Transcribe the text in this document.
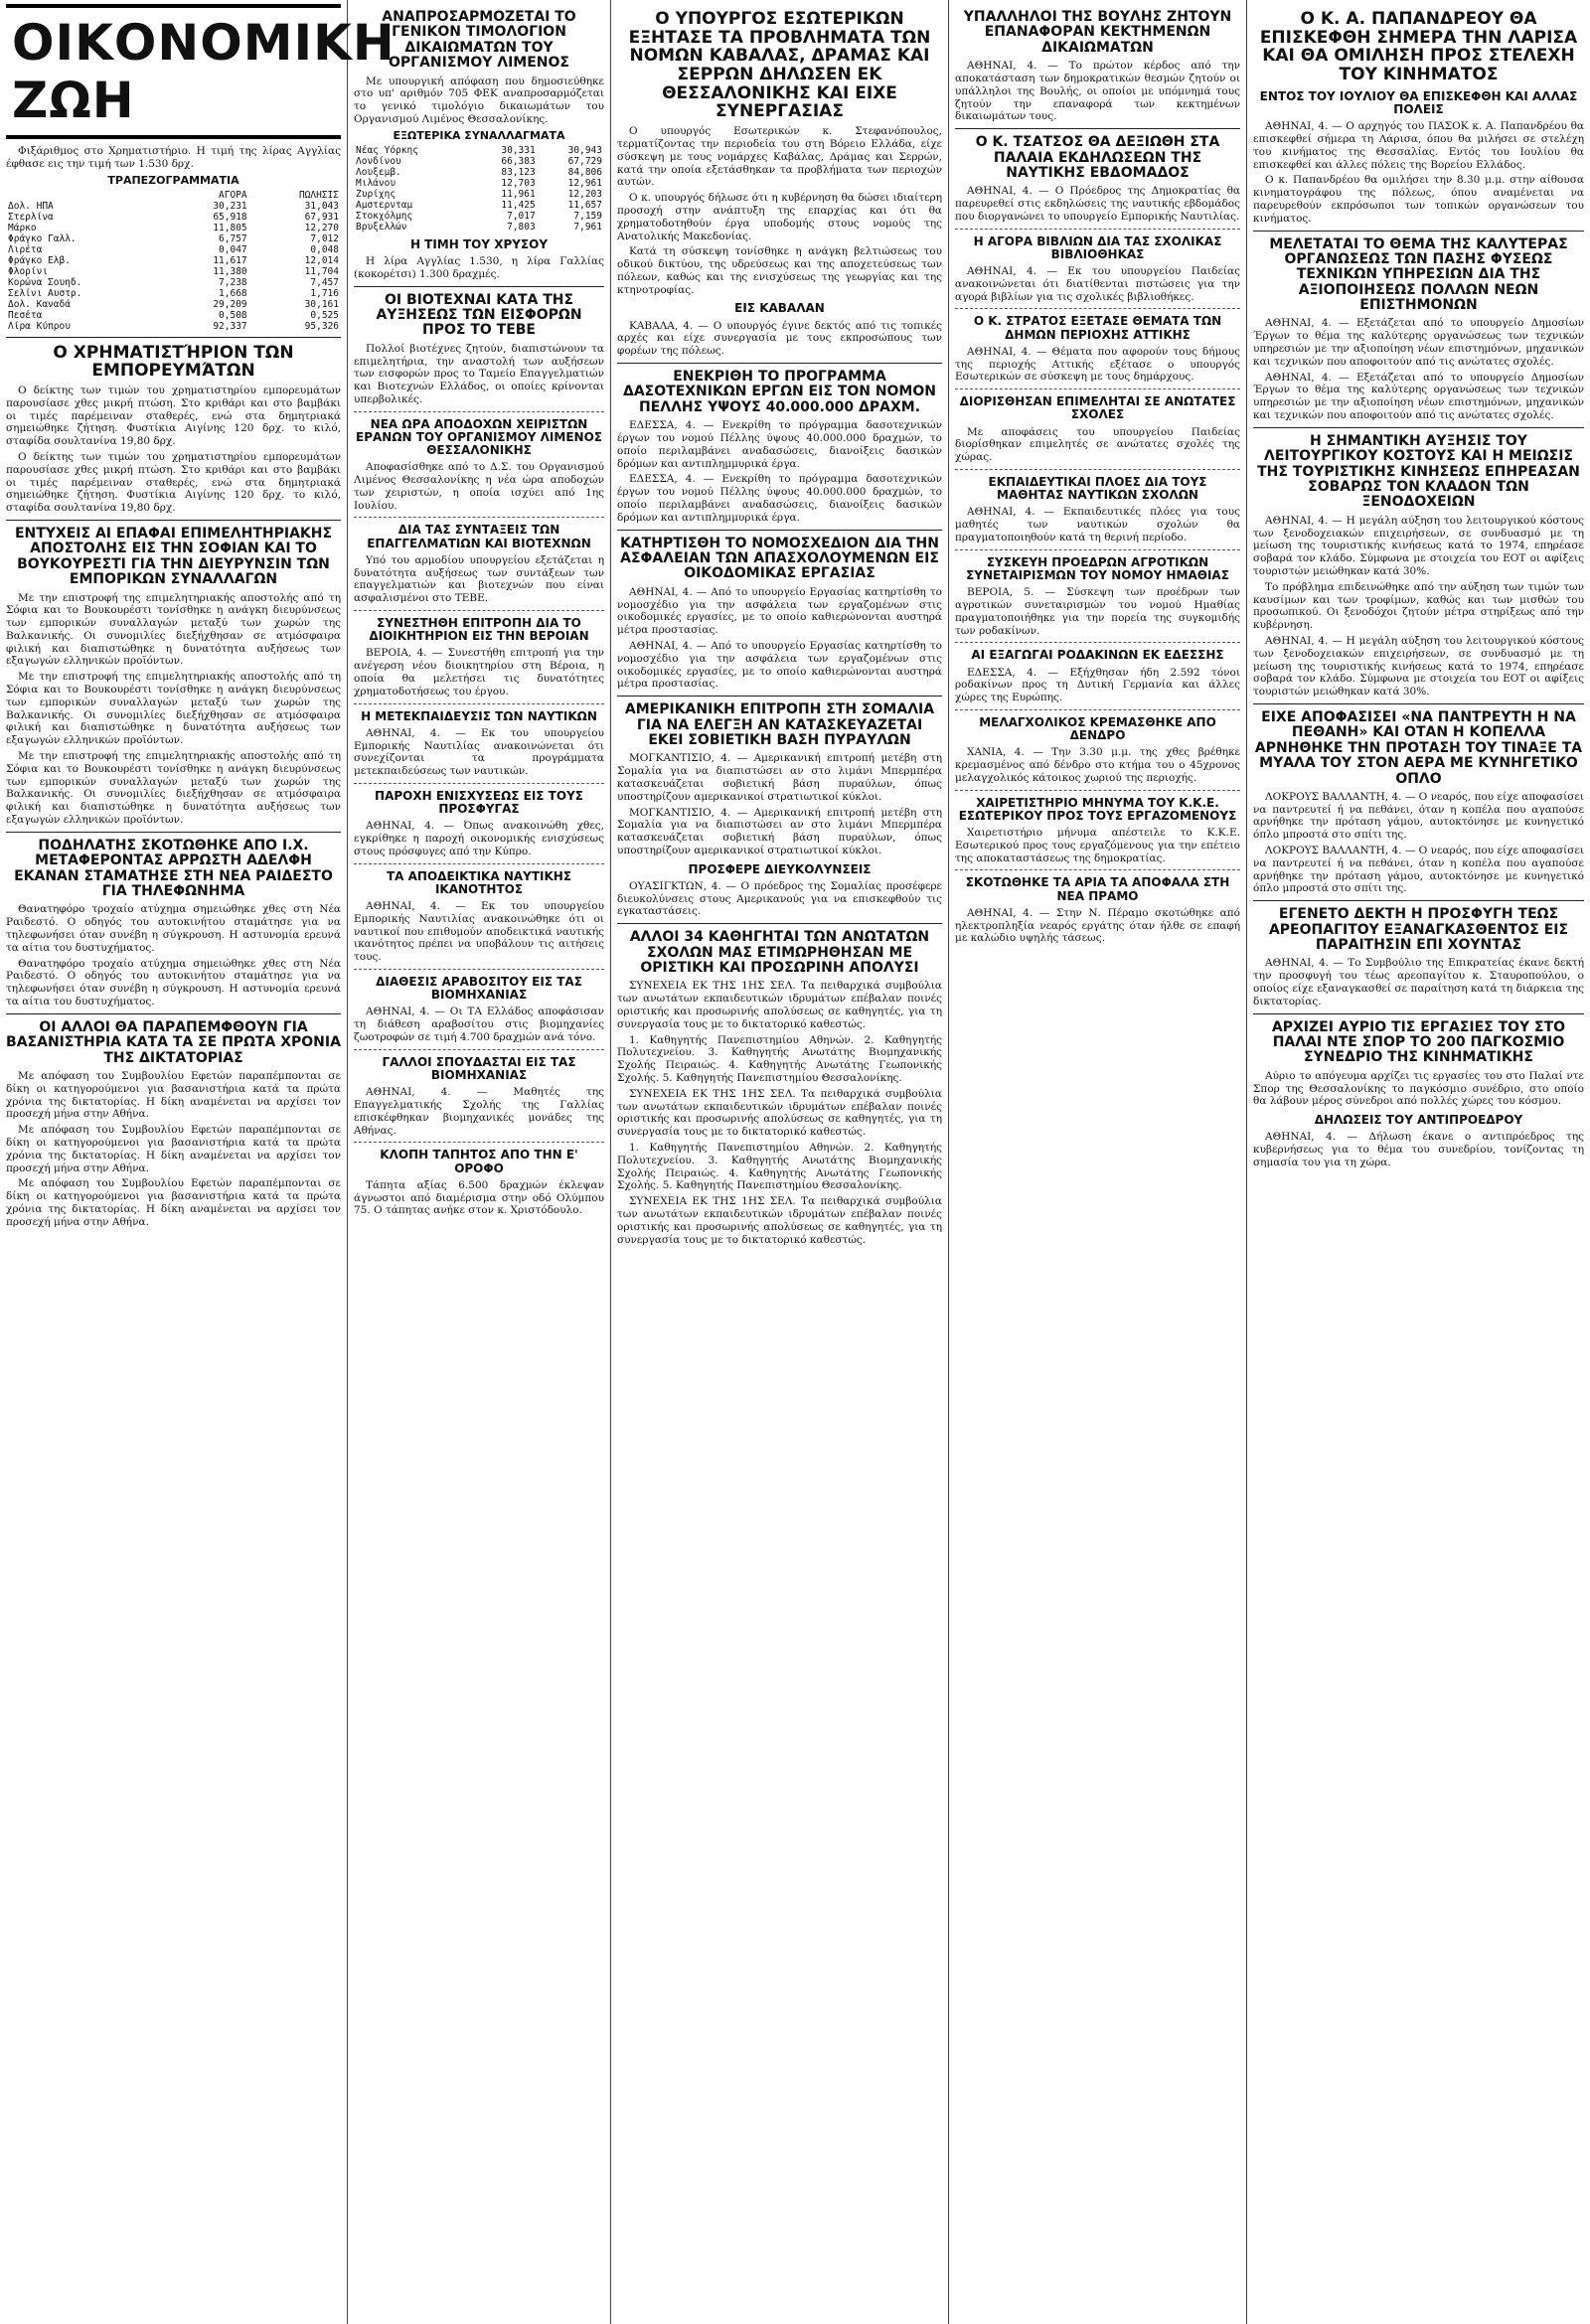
ΟΙΚΟΝΟΜΙΚΗ ΖΩΗ

Φιξάριθμος στο Χρηματιστήριο. Η τιμή της λίρας Αγγλίας έφθασε εις την τιμή των 1.530 δρχ.

ΤΡΑΠΕΖΟΓΡΑΜΜΑΤΙΑ
	ΑΓΟΡΑ	ΠΩΛΗΣΙΣ
Δολ. ΗΠΑ	30,231	31,043
Στερλίνα	65,918	67,931
Μάρκο	11,805	12,270
Φράγκο Γαλλ.	6,757	7,012
Λιρέτα	0,047	0,048
Φράγκο Ελβ.	11,617	12,014
Φλορίνι	11,380	11,704
Κορώνα Σουηδ.	7,238	7,457
Σελίνι Αυστρ.	1,668	1,716
Δολ. Καναδά	29,209	30,161
Πεσέτα	0,508	0,525
Λίρα Κύπρου	92,337	95,326
Ο ΧΡΗΜΑΤΙΣΤΉΡΙΟΝ ΤΩΝ ΕΜΠΟΡΕΥΜΆΤΩΝ

Ο δείκτης των τιμών του χρηματιστηρίου εμπορευμάτων παρουσίασε χθες μικρή πτώση. Στο κριθάρι και στο βαμβάκι οι τιμές παρέμειναν σταθερές, ενώ στα δημητριακά σημειώθηκε ζήτηση. Φυστίκια Αιγίνης 120 δρχ. το κιλό, σταφίδα σουλτανίνα 19,80 δρχ.

Ο δείκτης των τιμών του χρηματιστηρίου εμπορευμάτων παρουσίασε χθες μικρή πτώση. Στο κριθάρι και στο βαμβάκι οι τιμές παρέμειναν σταθερές, ενώ στα δημητριακά σημειώθηκε ζήτηση. Φυστίκια Αιγίνης 120 δρχ. το κιλό, σταφίδα σουλτανίνα 19,80 δρχ.

ΕΝΤΥΧΕΙΣ ΑΙ ΕΠΑΦΑΙ ΕΠΙΜΕΛΗΤΗΡΙΑΚΗΣ ΑΠΟΣΤΟΛΗΣ ΕΙΣ ΤΗΝ ΣΟΦΙΑΝ ΚΑΙ ΤΟ ΒΟΥΚΟΥΡΕΣΤΙ ΓΙΑ ΤΗΝ ΔΙΕΥΡΥΝΣΙΝ ΤΩΝ ΕΜΠΟΡΙΚΩΝ ΣΥΝΑΛΛΑΓΩΝ

Με την επιστροφή της επιμελητηριακής αποστολής από τη Σόφια και το Βουκουρέστι τονίσθηκε η ανάγκη διευρύνσεως των εμπορικών συναλλαγών μεταξύ των χωρών της Βαλκανικής. Οι συνομιλίες διεξήχθησαν σε ατμόσφαιρα φιλική και διαπιστώθηκε η δυνατότητα αυξήσεως των εξαγωγών ελληνικών προϊόντων.

Με την επιστροφή της επιμελητηριακής αποστολής από τη Σόφια και το Βουκουρέστι τονίσθηκε η ανάγκη διευρύνσεως των εμπορικών συναλλαγών μεταξύ των χωρών της Βαλκανικής. Οι συνομιλίες διεξήχθησαν σε ατμόσφαιρα φιλική και διαπιστώθηκε η δυνατότητα αυξήσεως των εξαγωγών ελληνικών προϊόντων.

Με την επιστροφή της επιμελητηριακής αποστολής από τη Σόφια και το Βουκουρέστι τονίσθηκε η ανάγκη διευρύνσεως των εμπορικών συναλλαγών μεταξύ των χωρών της Βαλκανικής. Οι συνομιλίες διεξήχθησαν σε ατμόσφαιρα φιλική και διαπιστώθηκε η δυνατότητα αυξήσεως των εξαγωγών ελληνικών προϊόντων.

ΠΟΔΗΛΑΤΗΣ ΣΚΟΤΩΘΗΚΕ ΑΠΟ Ι.Χ. ΜΕΤΑΦΕΡΟΝΤΑΣ ΑΡΡΩΣΤΗ ΑΔΕΛΦΗ ΕΚΑΝΑΝ ΣΤΑΜΑΤΗΣΕ ΣΤΗ ΝΕΑ ΡΑΙΔΕΣΤΟ ΓΙΑ ΤΗΛΕΦΩΝΗΜΑ

Θανατηφόρο τροχαίο ατύχημα σημειώθηκε χθες στη Νέα Ραιδεστό. Ο οδηγός του αυτοκινήτου σταμάτησε για να τηλεφωνήσει όταν συνέβη η σύγκρουση. Η αστυνομία ερευνά τα αίτια του δυστυχήματος.

Θανατηφόρο τροχαίο ατύχημα σημειώθηκε χθες στη Νέα Ραιδεστό. Ο οδηγός του αυτοκινήτου σταμάτησε για να τηλεφωνήσει όταν συνέβη η σύγκρουση. Η αστυνομία ερευνά τα αίτια του δυστυχήματος.

ΟΙ ΑΛΛΟΙ ΘΑ ΠΑΡΑΠΕΜΦΘΟΥΝ ΓΙΑ ΒΑΣΑΝΙΣΤΗΡΙΑ ΚΑΤΑ ΤΑ ΣΕ ΠΡΩΤΑ ΧΡΟΝΙΑ ΤΗΣ ΔΙΚΤΑΤΟΡΙΑΣ

Με απόφαση του Συμβουλίου Εφετών παραπέμπονται σε δίκη οι κατηγορούμενοι για βασανιστήρια κατά τα πρώτα χρόνια της δικτατορίας. Η δίκη αναμένεται να αρχίσει τον προσεχή μήνα στην Αθήνα.

Με απόφαση του Συμβουλίου Εφετών παραπέμπονται σε δίκη οι κατηγορούμενοι για βασανιστήρια κατά τα πρώτα χρόνια της δικτατορίας. Η δίκη αναμένεται να αρχίσει τον προσεχή μήνα στην Αθήνα.

Με απόφαση του Συμβουλίου Εφετών παραπέμπονται σε δίκη οι κατηγορούμενοι για βασανιστήρια κατά τα πρώτα χρόνια της δικτατορίας. Η δίκη αναμένεται να αρχίσει τον προσεχή μήνα στην Αθήνα.

ΑΝΑΠΡΟΣΑΡΜΟΖΕΤΑΙ ΤΟ ΓΕΝΙΚΟΝ ΤΙΜΟΛΟΓΙΟΝ ΔΙΚΑΙΩΜΑΤΩΝ ΤΟΥ ΟΡΓΑΝΙΣΜΟΥ ΛΙΜΕΝΟΣ

Με υπουργική απόφαση που δημοσιεύθηκε στο υπ' αριθμόν 705 ΦΕΚ αναπροσαρμόζεται το γενικό τιμολόγιο δικαιωμάτων του Οργανισμού Λιμένος Θεσσαλονίκης.

ΕΞΩΤΕΡΙΚΑ ΣΥΝΑΛΛΑΓΜΑΤΑ
Νέας Υόρκης	30,331	30,943
Λονδίνου	66,383	67,729
Λουξεμβ.	83,123	84,806
Μιλάνου	12,703	12,961
Ζυρίχης	11,961	12,203
Αμστερνταμ	11,425	11,657
Στοκχόλμης	7,017	7,159
Βρυξελλών	7,803	7,961
Η ΤΙΜΗ ΤΟΥ ΧΡΥΣΟΥ

Η λίρα Αγγλίας 1.530, η λίρα Γαλλίας (κοκορέτσι) 1.300 δραχμές.

ΟΙ ΒΙΟΤΕΧΝΑΙ ΚΑΤΑ ΤΗΣ ΑΥΞΗΣΕΩΣ ΤΩΝ ΕΙΣΦΟΡΩΝ ΠΡΟΣ ΤΟ ΤΕΒΕ

Πολλοί βιοτέχνες ζητούν, διαπιστώνουν τα επιμελητήρια, την αναστολή των αυξήσεων των εισφορών προς το Ταμείο Επαγγελματιών και Βιοτεχνών Ελλάδος, οι οποίες κρίνονται υπερβολικές.

ΝΕΑ ΩΡΑ ΑΠΟΔΟΧΩΝ ΧΕΙΡΙΣΤΩΝ ΕΡΑΝΩΝ ΤΟΥ ΟΡΓΑΝΙΣΜΟΥ ΛΙΜΕΝΟΣ ΘΕΣΣΑΛΟΝΙΚΗΣ

Αποφασίσθηκε από το Δ.Σ. του Οργανισμού Λιμένος Θεσσαλονίκης η νέα ώρα αποδοχών των χειριστών, η οποία ισχύει από 1ης Ιουλίου.

ΔΙΑ ΤΑΣ ΣΥΝΤΑΞΕΙΣ ΤΩΝ ΕΠΑΓΓΕΛΜΑΤΙΩΝ ΚΑΙ ΒΙΟΤΕΧΝΩΝ

Υπό του αρμοδίου υπουργείου εξετάζεται η δυνατότητα αυξήσεως των συντάξεων των επαγγελματιών και βιοτεχνών που είναι ασφαλισμένοι στο ΤΕΒΕ.

ΣΥΝΕΣΤΗΘΗ ΕΠΙΤΡΟΠΗ ΔΙΑ ΤΟ ΔΙΟΙΚΗΤΗΡΙΟΝ ΕΙΣ ΤΗΝ ΒΕΡΟΙΑΝ

ΒΕΡΟΙΑ, 4. — Συνεστήθη επιτροπή για την ανέγερση νέου διοικητηρίου στη Βέροια, η οποία θα μελετήσει τις δυνατότητες χρηματοδοτήσεως του έργου.

Η ΜΕΤΕΚΠΑΙΔΕΥΣΙΣ ΤΩΝ ΝΑΥΤΙΚΩΝ

ΑΘΗΝΑΙ, 4. — Εκ του υπουργείου Εμπορικής Ναυτιλίας ανακοινώνεται ότι συνεχίζονται τα προγράμματα μετεκπαιδεύσεως των ναυτικών.

ΠΑΡΟΧΗ ΕΝΙΣΧΥΣΕΩΣ ΕΙΣ ΤΟΥΣ ΠΡΟΣΦΥΓΑΣ

ΑΘΗΝΑΙ, 4. — Όπως ανακοινώθη χθες, εγκρίθηκε η παροχή οικονομικής ενισχύσεως στους πρόσφυγες από την Κύπρο.

ΤΑ ΑΠΟΔΕΙΚΤΙΚΑ ΝΑΥΤΙΚΗΣ ΙΚΑΝΟΤΗΤΟΣ

ΑΘΗΝΑΙ, 4. — Εκ του υπουργείου Εμπορικής Ναυτιλίας ανακοινώθηκε ότι οι ναυτικοί που επιθυμούν αποδεικτικά ναυτικής ικανότητος πρέπει να υποβάλουν τις αιτήσεις τους.

ΔΙΑΘΕΣΙΣ ΑΡΑΒΟΣΙΤΟΥ ΕΙΣ ΤΑΣ ΒΙΟΜΗΧΑΝΙΑΣ

ΑΘΗΝΑΙ, 4. — Οι ΤΑ Ελλάδος αποφάσισαν τη διάθεση αραβοσίτου στις βιομηχανίες ζωοτροφών σε τιμή 4.700 δραχμών ανά τόνο.

ΓΑΛΛΟΙ ΣΠΟΥΔΑΣΤΑΙ ΕΙΣ ΤΑΣ ΒΙΟΜΗΧΑΝΙΑΣ

ΑΘΗΝΑΙ, 4. — Μαθητές της Επαγγελματικής Σχολής της Γαλλίας επισκέφθηκαν βιομηχανικές μονάδες της Αθήνας.

ΚΛΟΠΗ ΤΑΠΗΤΟΣ ΑΠΟ ΤΗΝ Ε' ΟΡΟΦΟ

Τάπητα αξίας 6.500 δραχμών έκλεψαν άγνωστοι από διαμέρισμα στην οδό Ολύμπου 75. Ο τάπητας ανήκε στον κ. Χριστόδουλο.

Ο ΥΠΟΥΡΓΟΣ ΕΣΩΤΕΡΙΚΩΝ ΕΞΗΤΑΣΕ ΤΑ ΠΡΟΒΛΗΜΑΤΑ ΤΩΝ ΝΟΜΩΝ ΚΑΒΑΛΑΣ, ΔΡΑΜΑΣ ΚΑΙ ΣΕΡΡΩΝ ΔΗΛΩΣΕΝ ΕΚ ΘΕΣΣΑΛΟΝΙΚΗΣ ΚΑΙ ΕΙΧΕ ΣΥΝΕΡΓΑΣΙΑΣ

Ο υπουργός Εσωτερικών κ. Στεφανόπουλος, τερματίζοντας την περιοδεία του στη Βόρειο Ελλάδα, είχε σύσκεψη με τους νομάρχες Καβάλας, Δράμας και Σερρών, κατά την οποία εξετάσθηκαν τα προβλήματα των περιοχών αυτών.

Ο κ. υπουργός δήλωσε ότι η κυβέρνηση θα δώσει ιδιαίτερη προσοχή στην ανάπτυξη της επαρχίας και ότι θα χρηματοδοτηθούν έργα υποδομής στους νομούς της Ανατολικής Μακεδονίας.

Κατά τη σύσκεψη τονίσθηκε η ανάγκη βελτιώσεως του οδικού δικτύου, της υδρεύσεως και της αποχετεύσεως των πόλεων, καθώς και της ενισχύσεως της γεωργίας και της κτηνοτροφίας.

ΕΙΣ ΚΑΒΑΛΑΝ

ΚΑΒΑΛΑ, 4. — Ο υπουργός έγινε δεκτός από τις τοπικές αρχές και είχε συνεργασία με τους εκπροσώπους των φορέων της πόλεως.

ΕΝΕΚΡΙΘΗ ΤΟ ΠΡΟΓΡΑΜΜΑ ΔΑΣΟΤΕΧΝΙΚΩΝ ΕΡΓΩΝ ΕΙΣ ΤΟΝ ΝΟΜΟΝ ΠΕΛΛΗΣ ΥΨΟΥΣ 40.000.000 ΔΡΑΧΜ.

ΕΔΕΣΣΑ, 4. — Ενεκρίθη το πρόγραμμα δασοτεχνικών έργων του νομού Πέλλης ύψους 40.000.000 δραχμών, το οποίο περιλαμβάνει αναδασώσεις, διανοίξεις δασικών δρόμων και αντιπλημμυρικά έργα.

ΕΔΕΣΣΑ, 4. — Ενεκρίθη το πρόγραμμα δασοτεχνικών έργων του νομού Πέλλης ύψους 40.000.000 δραχμών, το οποίο περιλαμβάνει αναδασώσεις, διανοίξεις δασικών δρόμων και αντιπλημμυρικά έργα.

ΚΑΤΗΡΤΙΣΘΗ ΤΟ ΝΟΜΟΣΧΕΔΙΟΝ ΔΙΑ ΤΗΝ ΑΣΦΑΛΕΙΑΝ ΤΩΝ ΑΠΑΣΧΟΛΟΥΜΕΝΩΝ ΕΙΣ ΟΙΚΟΔΟΜΙΚΑΣ ΕΡΓΑΣΙΑΣ

ΑΘΗΝΑΙ, 4. — Από το υπουργείο Εργασίας κατηρτίσθη το νομοσχέδιο για την ασφάλεια των εργαζομένων στις οικοδομικές εργασίες, με το οποίο καθιερώνονται αυστηρά μέτρα προστασίας.

ΑΘΗΝΑΙ, 4. — Από το υπουργείο Εργασίας κατηρτίσθη το νομοσχέδιο για την ασφάλεια των εργαζομένων στις οικοδομικές εργασίες, με το οποίο καθιερώνονται αυστηρά μέτρα προστασίας.

ΑΜΕΡΙΚΑΝΙΚΗ ΕΠΙΤΡΟΠΗ ΣΤΗ ΣΟΜΑΛΙΑ ΓΙΑ ΝΑ ΕΛΕΓΞΗ ΑΝ ΚΑΤΑΣΚΕΥΑΖΕΤΑΙ ΕΚΕΙ ΣΟΒΙΕΤΙΚΗ ΒΑΣΗ ΠΥΡΑΥΛΩΝ

ΜΟΓΚΑΝΤΙΣΙΟ, 4. — Αμερικανική επιτροπή μετέβη στη Σομαλία για να διαπιστώσει αν στο λιμάνι Μπερμπέρα κατασκευάζεται σοβιετική βάση πυραύλων, όπως υποστηρίζουν αμερικανικοί στρατιωτικοί κύκλοι.

ΜΟΓΚΑΝΤΙΣΙΟ, 4. — Αμερικανική επιτροπή μετέβη στη Σομαλία για να διαπιστώσει αν στο λιμάνι Μπερμπέρα κατασκευάζεται σοβιετική βάση πυραύλων, όπως υποστηρίζουν αμερικανικοί στρατιωτικοί κύκλοι.

ΠΡΟΣΦΕΡΕ ΔΙΕΥΚΟΛΥΝΣΕΙΣ

ΟΥΑΣΙΓΚΤΩΝ, 4. — Ο πρόεδρος της Σομαλίας προσέφερε διευκολύνσεις στους Αμερικανούς για να επισκεφθούν τις εγκαταστάσεις.

ΑΛΛΟΙ 34 ΚΑΘΗΓΗΤΑΙ ΤΩΝ ΑΝΩΤΑΤΩΝ ΣΧΟΛΩΝ ΜΑΣ ΕΤΙΜΩΡΗΘΗΣΑΝ ΜΕ ΟΡΙΣΤΙΚΗ ΚΑΙ ΠΡΟΣΩΡΙΝΗ ΑΠΟΛΥΣΙ

ΣΥΝΕΧΕΙΑ ΕΚ ΤΗΣ 1ΗΣ ΣΕΛ. Τα πειθαρχικά συμβούλια των ανωτάτων εκπαιδευτικών ιδρυμάτων επέβαλαν ποινές οριστικής και προσωρινής απολύσεως σε καθηγητές, για τη συνεργασία τους με το δικτατορικό καθεστώς.

1. Καθηγητής Πανεπιστημίου Αθηνών. 2. Καθηγητής Πολυτεχνείου. 3. Καθηγητής Ανωτάτης Βιομηχανικής Σχολής Πειραιώς. 4. Καθηγητής Ανωτάτης Γεωπονικής Σχολής. 5. Καθηγητής Πανεπιστημίου Θεσσαλονίκης.

ΣΥΝΕΧΕΙΑ ΕΚ ΤΗΣ 1ΗΣ ΣΕΛ. Τα πειθαρχικά συμβούλια των ανωτάτων εκπαιδευτικών ιδρυμάτων επέβαλαν ποινές οριστικής και προσωρινής απολύσεως σε καθηγητές, για τη συνεργασία τους με το δικτατορικό καθεστώς.

1. Καθηγητής Πανεπιστημίου Αθηνών. 2. Καθηγητής Πολυτεχνείου. 3. Καθηγητής Ανωτάτης Βιομηχανικής Σχολής Πειραιώς. 4. Καθηγητής Ανωτάτης Γεωπονικής Σχολής. 5. Καθηγητής Πανεπιστημίου Θεσσαλονίκης.

ΣΥΝΕΧΕΙΑ ΕΚ ΤΗΣ 1ΗΣ ΣΕΛ. Τα πειθαρχικά συμβούλια των ανωτάτων εκπαιδευτικών ιδρυμάτων επέβαλαν ποινές οριστικής και προσωρινής απολύσεως σε καθηγητές, για τη συνεργασία τους με το δικτατορικό καθεστώς.

ΥΠΑΛΛΗΛΟΙ ΤΗΣ ΒΟΥΛΗΣ ΖΗΤΟΥΝ ΕΠΑΝΑΦΟΡΑΝ ΚΕΚΤΗΜΕΝΩΝ ΔΙΚΑΙΩΜΑΤΩΝ

ΑΘΗΝΑΙ, 4. — Το πρώτον κέρδος από την αποκατάσταση των δημοκρατικών θεσμών ζητούν οι υπάλληλοι της Βουλής, οι οποίοι με υπόμνημά τους ζητούν την επαναφορά των κεκτημένων δικαιωμάτων τους.

Ο Κ. ΤΣΑΤΣΟΣ ΘΑ ΔΕΞΙΩΘΗ ΣΤΑ ΠΑΛΑΙΑ ΕΚΔΗΛΩΣΕΩΝ ΤΗΣ ΝΑΥΤΙΚΗΣ ΕΒΔΟΜΑΔΟΣ

ΑΘΗΝΑΙ, 4. — Ο Πρόεδρος της Δημοκρατίας θα παρευρεθεί στις εκδηλώσεις της ναυτικής εβδομάδος που διοργανώνει το υπουργείο Εμπορικής Ναυτιλίας.

Η ΑΓΟΡΑ ΒΙΒΛΙΩΝ ΔΙΑ ΤΑΣ ΣΧΟΛΙΚΑΣ ΒΙΒΛΙΟΘΗΚΑΣ

ΑΘΗΝΑΙ, 4. — Εκ του υπουργείου Παιδείας ανακοινώνεται ότι διατίθενται πιστώσεις για την αγορά βιβλίων για τις σχολικές βιβλιοθήκες.

Ο Κ. ΣΤΡΑΤΟΣ ΕΞΕΤΑΣΕ ΘΕΜΑΤΑ ΤΩΝ ΔΗΜΩΝ ΠΕΡΙΟΧΗΣ ΑΤΤΙΚΗΣ

ΑΘΗΝΑΙ, 4. — Θέματα που αφορούν τους δήμους της περιοχής Αττικής εξέτασε ο υπουργός Εσωτερικών σε σύσκεψη με τους δημάρχους.

ΔΙΟΡΙΣΘΗΣΑΝ ΕΠΙΜΕΛΗΤΑΙ ΣΕ ΑΝΩΤΑΤΕΣ ΣΧΟΛΕΣ

Με αποφάσεις του υπουργείου Παιδείας διορίσθηκαν επιμελητές σε ανώτατες σχολές της χώρας.

ΕΚΠΑΙΔΕΥΤΙΚΑΙ ΠΛΟΕΣ ΔΙΑ ΤΟΥΣ ΜΑΘΗΤΑΣ ΝΑΥΤΙΚΩΝ ΣΧΟΛΩΝ

ΑΘΗΝΑΙ, 4. — Εκπαιδευτικές πλόες για τους μαθητές των ναυτικών σχολών θα πραγματοποιηθούν κατά τη θερινή περίοδο.

ΣΥΣΚΕΥΗ ΠΡΟΕΔΡΩΝ ΑΓΡΟΤΙΚΩΝ ΣΥΝΕΤΑΙΡΙΣΜΩΝ ΤΟΥ ΝΟΜΟΥ ΗΜΑΘΙΑΣ

ΒΕΡΟΙΑ, 5. — Σύσκεψη των προέδρων των αγροτικών συνεταιρισμών του νομού Ημαθίας πραγματοποιήθηκε για την πορεία της συγκομιδής των ροδακίνων.

ΑΙ ΕΞΑΓΩΓΑΙ ΡΟΔΑΚΙΝΩΝ ΕΚ ΕΔΕΣΣΗΣ

ΕΔΕΣΣΑ, 4. — Εξήχθησαν ήδη 2.592 τόνοι ροδακίνων προς τη Δυτική Γερμανία και άλλες χώρες της Ευρώπης.

ΜΕΛΑΓΧΟΛΙΚΟΣ ΚΡΕΜΑΣΘΗΚΕ ΑΠΟ ΔΕΝΔΡΟ

ΧΑΝΙΑ, 4. — Την 3.30 μ.μ. της χθες βρέθηκε κρεμασμένος από δένδρο στο κτήμα του ο 45χρονος μελαγχολικός κάτοικος χωριού της περιοχής.

ΧΑΙΡΕΤΙΣΤΗΡΙΟ ΜΗΝΥΜΑ ΤΟΥ Κ.Κ.Ε. ΕΣΩΤΕΡΙΚΟΥ ΠΡΟΣ ΤΟΥΣ ΕΡΓΑΖΟΜΕΝΟΥΣ

Χαιρετιστήριο μήνυμα απέστειλε το Κ.Κ.Ε. Εσωτερικού προς τους εργαζόμενους για την επέτειο της αποκαταστάσεως της δημοκρατίας.

ΣΚΟΤΩΘΗΚΕ ΤΑ ΑΡΙΑ ΤΑ ΑΠΟΦΑΛΑ ΣΤΗ ΝΕΑ ΠΡΑΜΟ

ΑΘΗΝΑΙ, 4. — Στην Ν. Πέραμο σκοτώθηκε από ηλεκτροπληξία νεαρός εργάτης όταν ήλθε σε επαφή με καλώδιο υψηλής τάσεως.

Ο Κ. Α. ΠΑΠΑΝΔΡΕΟΥ ΘΑ ΕΠΙΣΚΕΦΘΗ ΣΗΜΕΡΑ ΤΗΝ ΛΑΡΙΣΑ ΚΑΙ ΘΑ ΟΜΙΛΗΣΗ ΠΡΟΣ ΣΤΕΛΕΧΗ ΤΟΥ ΚΙΝΗΜΑΤΟΣ
ΕΝΤΟΣ ΤΟΥ ΙΟΥΛΙΟΥ ΘΑ ΕΠΙΣΚΕΦΘΗ ΚΑΙ ΑΛΛΑΣ ΠΟΛΕΙΣ

ΑΘΗΝΑΙ, 4. — Ο αρχηγός του ΠΑΣΟΚ κ. Α. Παπανδρέου θα επισκεφθεί σήμερα τη Λάρισα, όπου θα μιλήσει σε στελέχη του κινήματος της Θεσσαλίας. Εντός του Ιουλίου θα επισκεφθεί και άλλες πόλεις της Βορείου Ελλάδος.

Ο κ. Παπανδρέου θα ομιλήσει την 8.30 μ.μ. στην αίθουσα κινηματογράφου της πόλεως, όπου αναμένεται να παρευρεθούν εκπρόσωποι των τοπικών οργανώσεων του κινήματος.

ΜΕΛΕΤΑΤΑΙ ΤΟ ΘΕΜΑ ΤΗΣ ΚΑΛΥΤΕΡΑΣ ΟΡΓΑΝΩΣΕΩΣ ΤΩΝ ΠΑΣΗΣ ΦΥΣΕΩΣ ΤΕΧΝΙΚΩΝ ΥΠΗΡΕΣΙΩΝ ΔΙΑ ΤΗΣ ΑΞΙΟΠΟΙΗΣΕΩΣ ΠΟΛΛΩΝ ΝΕΩΝ ΕΠΙΣΤΗΜΟΝΩΝ

ΑΘΗΝΑΙ, 4. — Εξετάζεται από το υπουργείο Δημοσίων Έργων το θέμα της καλύτερης οργανώσεως των τεχνικών υπηρεσιών με την αξιοποίηση νέων επιστημόνων, μηχανικών και τεχνικών που αποφοιτούν από τις ανώτατες σχολές.

ΑΘΗΝΑΙ, 4. — Εξετάζεται από το υπουργείο Δημοσίων Έργων το θέμα της καλύτερης οργανώσεως των τεχνικών υπηρεσιών με την αξιοποίηση νέων επιστημόνων, μηχανικών και τεχνικών που αποφοιτούν από τις ανώτατες σχολές.

Η ΣΗΜΑΝΤΙΚΗ ΑΥΞΗΣΙΣ ΤΟΥ ΛΕΙΤΟΥΡΓΙΚΟΥ ΚΟΣΤΟΥΣ ΚΑΙ Η ΜΕΙΩΣΙΣ ΤΗΣ ΤΟΥΡΙΣΤΙΚΗΣ ΚΙΝΗΣΕΩΣ ΕΠΗΡΕΑΣΑΝ ΣΟΒΑΡΩΣ ΤΟΝ ΚΛΑΔΟΝ ΤΩΝ ΞΕΝΟΔΟΧΕΙΩΝ

ΑΘΗΝΑΙ, 4. — Η μεγάλη αύξηση του λειτουργικού κόστους των ξενοδοχειακών επιχειρήσεων, σε συνδυασμό με τη μείωση της τουριστικής κινήσεως κατά το 1974, επηρέασε σοβαρά τον κλάδο. Σύμφωνα με στοιχεία του ΕΟΤ οι αφίξεις τουριστών μειώθηκαν κατά 30%.

Το πρόβλημα επιδεινώθηκε από την αύξηση των τιμών των καυσίμων και των τροφίμων, καθώς και των μισθών του προσωπικού. Οι ξενοδόχοι ζητούν μέτρα στηρίξεως από την κυβέρνηση.

ΑΘΗΝΑΙ, 4. — Η μεγάλη αύξηση του λειτουργικού κόστους των ξενοδοχειακών επιχειρήσεων, σε συνδυασμό με τη μείωση της τουριστικής κινήσεως κατά το 1974, επηρέασε σοβαρά τον κλάδο. Σύμφωνα με στοιχεία του ΕΟΤ οι αφίξεις τουριστών μειώθηκαν κατά 30%.

ΕΙΧΕ ΑΠΟΦΑΣΙΣΕΙ «ΝΑ ΠΑΝΤΡΕΥΤΗ Η ΝΑ ΠΕΘΑΝΗ» ΚΑΙ ΟΤΑΝ Η ΚΟΠΕΛΛΑ ΑΡΝΗΘΗΚΕ ΤΗΝ ΠΡΟΤΑΣΗ ΤΟΥ ΤΙΝΑΞΕ ΤΑ ΜΥΑΛΑ ΤΟΥ ΣΤΟΝ ΑΕΡΑ ΜΕ ΚΥΝΗΓΕΤΙΚΟ ΟΠΛΟ

ΛΟΚΡΟΥΣ ΒΑΛΛΑΝΤΗ, 4. — Ο νεαρός, που είχε αποφασίσει να παντρευτεί ή να πεθάνει, όταν η κοπέλα που αγαπούσε αρνήθηκε την πρόταση γάμου, αυτοκτόνησε με κυνηγετικό όπλο μπροστά στο σπίτι της.

ΛΟΚΡΟΥΣ ΒΑΛΛΑΝΤΗ, 4. — Ο νεαρός, που είχε αποφασίσει να παντρευτεί ή να πεθάνει, όταν η κοπέλα που αγαπούσε αρνήθηκε την πρόταση γάμου, αυτοκτόνησε με κυνηγετικό όπλο μπροστά στο σπίτι της.

ΕΓΕΝΕΤΟ ΔΕΚΤΗ Η ΠΡΟΣΦΥΓΗ ΤΕΩΣ ΑΡΕΟΠΑΓΙΤΟΥ ΕΞΑΝΑΓΚΑΣΘΕΝΤΟΣ ΕΙΣ ΠΑΡΑΙΤΗΣΙΝ ΕΠΙ ΧΟΥΝΤΑΣ

ΑΘΗΝΑΙ, 4. — Το Συμβούλιο της Επικρατείας έκανε δεκτή την προσφυγή του τέως αρεοπαγίτου κ. Σταυροπούλου, ο οποίος είχε εξαναγκασθεί σε παραίτηση κατά τη διάρκεια της δικτατορίας.

ΑΡΧΙΖΕΙ ΑΥΡΙΟ ΤΙΣ ΕΡΓΑΣΙΕΣ ΤΟΥ ΣΤΟ ΠΑΛΑΙ ΝΤΕ ΣΠΟΡ ΤΟ 200 ΠΑΓΚΟΣΜΙΟ ΣΥΝΕΔΡΙΟ ΤΗΣ ΚΙΝΗΜΑΤΙΚΗΣ

Αύριο το απόγευμα αρχίζει τις εργασίες του στο Παλαί ντε Σπορ της Θεσσαλονίκης το παγκόσμιο συνέδριο, στο οποίο θα λάβουν μέρος σύνεδροι από πολλές χώρες του κόσμου.

ΔΗΛΩΣΕΙΣ ΤΟΥ ΑΝΤΙΠΡΟΕΔΡΟΥ

ΑΘΗΝΑΙ, 4. — Δήλωση έκανε ο αντιπρόεδρος της κυβερνήσεως για το θέμα του συνεδρίου, τονίζοντας τη σημασία του για τη χώρα.
